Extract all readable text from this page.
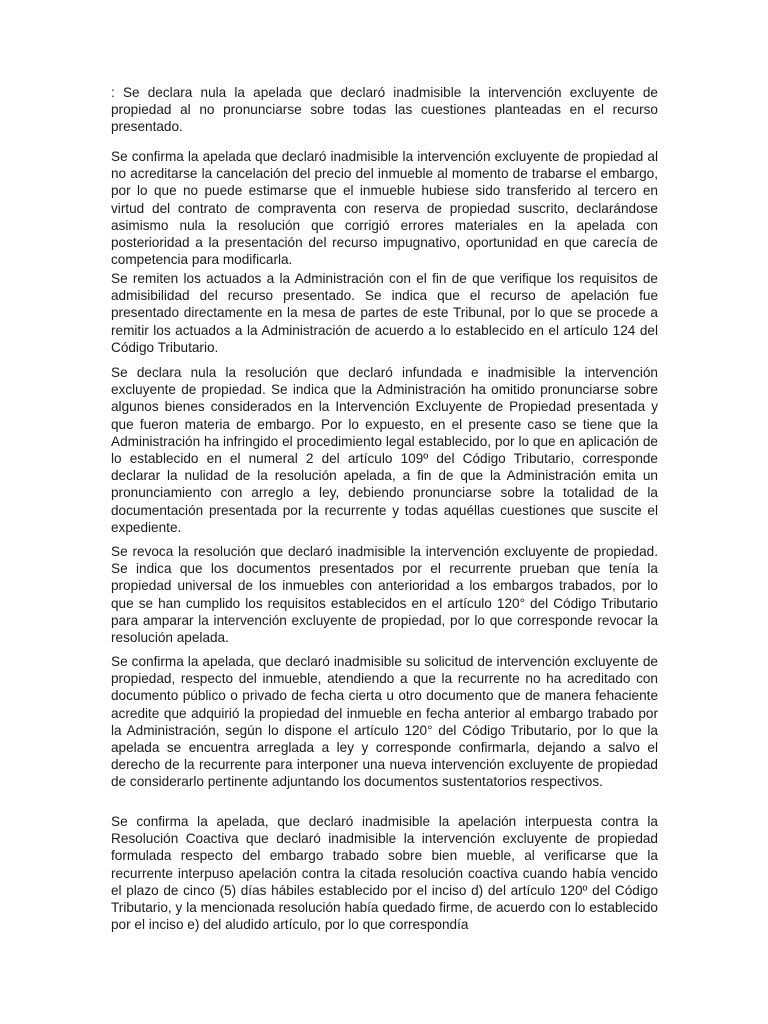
: Se declara nula la apelada que declaró inadmisible la intervención excluyente de propiedad al no pronunciarse sobre todas las cuestiones planteadas en el recurso presentado.

Se confirma la apelada que declaró inadmisible la intervención excluyente de propiedad al no acreditarse la cancelación del precio del inmueble al momento de trabarse el embargo, por lo que no puede estimarse que el inmueble hubiese sido transferido al tercero en virtud del contrato de compraventa con reserva de propiedad suscrito, declarándose asimismo nula la resolución que corrigió errores materiales en la apelada con posterioridad a la presentación del recurso impugnativo, oportunidad en que carecía de competencia para modificarla.

Se remiten los actuados a la Administración con el fin de que verifique los requisitos de admisibilidad del recurso presentado. Se indica que el recurso de apelación fue presentado directamente en la mesa de partes de este Tribunal, por lo que se procede a remitir los actuados a la Administración de acuerdo a lo establecido en el artículo 124 del Código Tributario.

Se declara nula la resolución que declaró infundada e inadmisible la intervención excluyente de propiedad. Se indica que la Administración ha omitido pronunciarse sobre algunos bienes considerados en la Intervención Excluyente de Propiedad presentada y que fueron materia de embargo. Por lo expuesto, en el presente caso se tiene que la Administración ha infringido el procedimiento legal establecido, por lo que en aplicación de lo establecido en el numeral 2 del artículo 109º del Código Tributario, corresponde declarar la nulidad de la resolución apelada, a fin de que la Administración emita un pronunciamiento con arreglo a ley, debiendo pronunciarse sobre la totalidad de la documentación presentada por la recurrente y todas aquéllas cuestiones que suscite el expediente.

Se revoca la resolución que declaró inadmisible la intervención excluyente de propiedad. Se indica que los documentos presentados por el recurrente prueban que tenía la propiedad universal de los inmuebles con anterioridad a los embargos trabados, por lo que se han cumplido los requisitos establecidos en el artículo 120° del Código Tributario para amparar la intervención excluyente de propiedad, por lo que corresponde revocar la resolución apelada.

Se confirma la apelada, que declaró inadmisible su solicitud de intervención excluyente de propiedad, respecto del inmueble, atendiendo a que la recurrente no ha acreditado con documento público o privado de fecha cierta u otro documento que de manera fehaciente acredite que adquirió la propiedad del inmueble en fecha anterior al embargo trabado por la Administración, según lo dispone el artículo 120° del Código Tributario, por lo que la apelada se encuentra arreglada a ley y corresponde confirmarla, dejando a salvo el derecho de la recurrente para interponer una nueva intervención excluyente de propiedad de considerarlo pertinente adjuntando los documentos sustentatorios respectivos.

Se confirma la apelada, que declaró inadmisible la apelación interpuesta contra la Resolución Coactiva que declaró inadmisible la intervención excluyente de propiedad formulada respecto del embargo trabado sobre bien mueble, al verificarse que la recurrente interpuso apelación contra la citada resolución coactiva cuando había vencido el plazo de cinco (5) días hábiles establecido por el inciso d) del artículo 120º del Código Tributario, y la mencionada resolución había quedado firme, de acuerdo con lo establecido por el inciso e) del aludido artículo, por lo que correspondía
